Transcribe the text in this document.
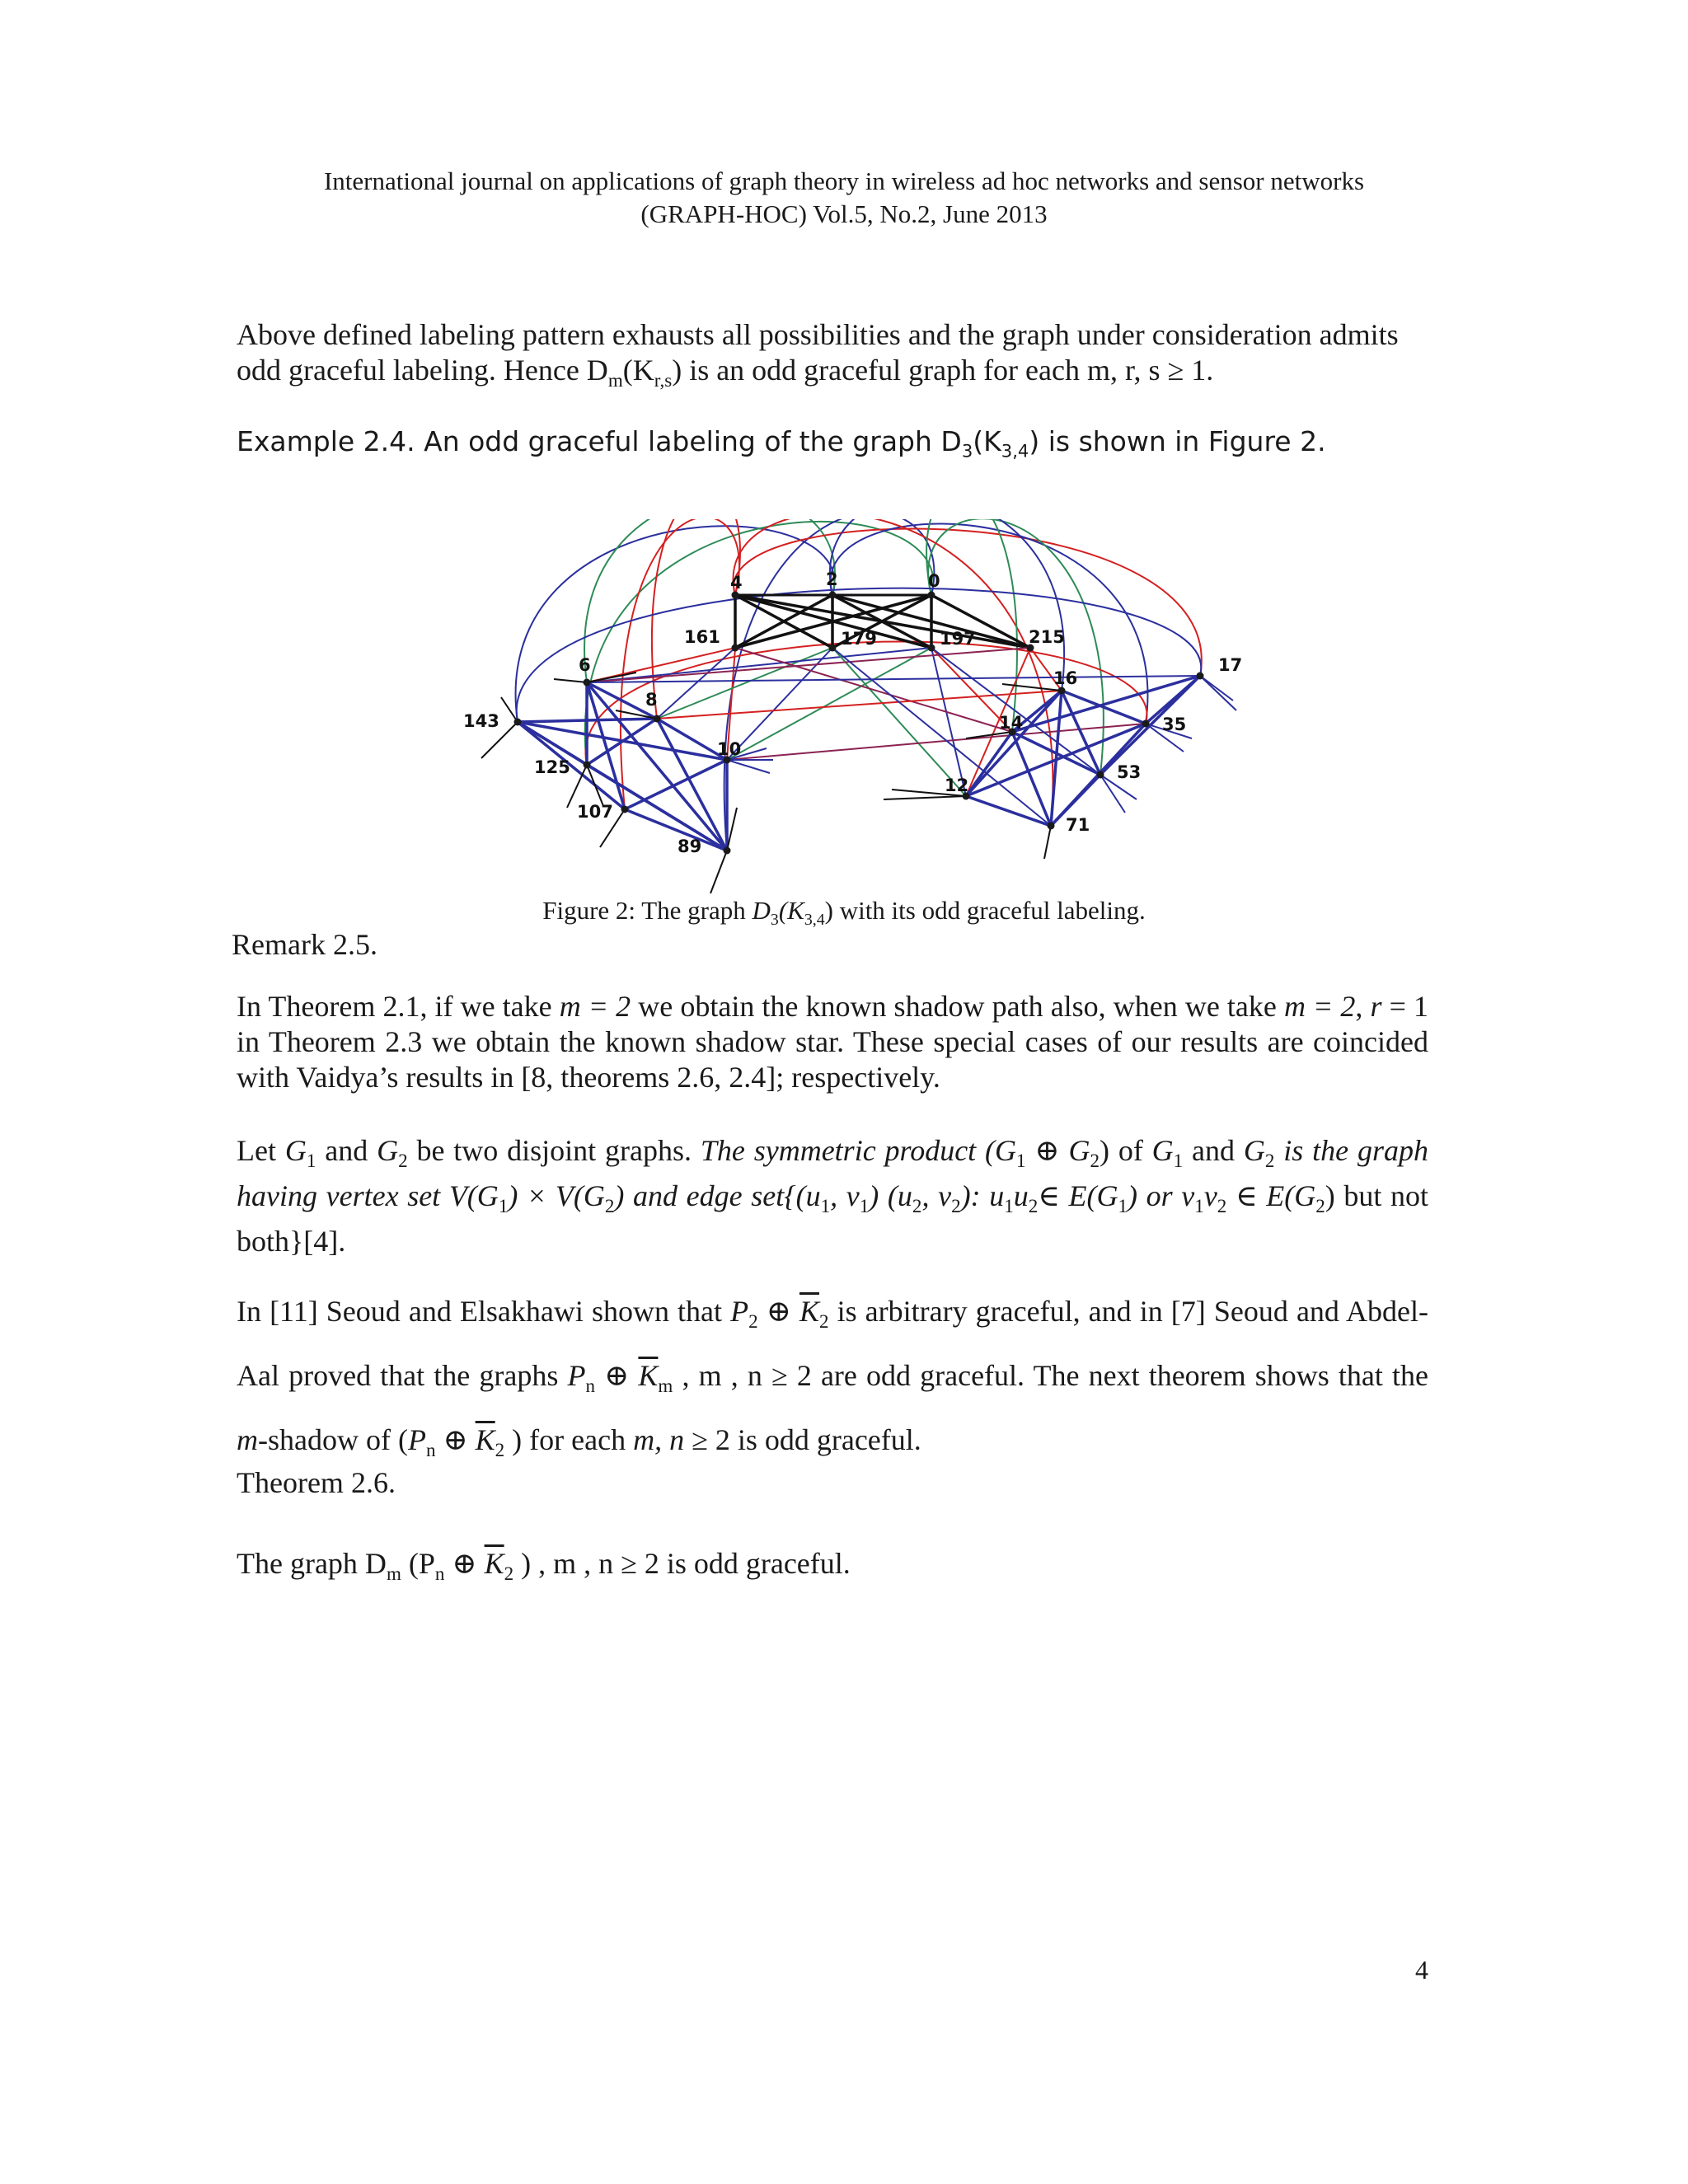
International journal on applications of graph theory in wireless ad hoc networks and sensor networks
(GRAPH-HOC) Vol.5, No.2, June 2013
Above defined labeling pattern exhausts all possibilities and the graph under consideration admits
odd graceful labeling. Hence $D_m(K_{r,s})$ is an odd graceful graph for each m, r, s ≥ 1.
Example 2.4. An odd graceful labeling of the graph $D_3(K_{3,4})$ is shown in Figure 2.
4	2	0
161	179	197	215
6
8
10
143
125
107
89
16
17
14	35
12
53
71
Figure 2: The graph $D_3(K_{3,4})$ with its odd graceful labeling.
Remark 2.5.
In Theorem 2.1, if we take m = 2 we obtain the known shadow path also, when we take m = 2, r = 1 in Theorem 2.3 we obtain the known shadow star. These special cases of our results are coincided with Vaidya’s results in [8, theorems 2.6, 2.4]; respectively.
Let $G_1$ and $G_2$ be two disjoint graphs. The symmetric product ($G_1$ ⊕ $G_2$) of $G_1$ and $G_2$ is the graph having vertex set $V(G_1) \times V(G_2)$ and edge $set\{(u_1$, $v_1$) ($u_2$, $v_2$): $u_1u_2\in$ $E(G_1)$ or $v_1v_2$ ∈ $E(G_2)$ but not both}[4].
In [11] Seoud and Elsakhawi shown that $P_2$ ⊕ $\overline{K}_2$ is arbitrary graceful, and in [7] Seoud and Abdel-Aal proved that the graphs $P_n$ ⊕ $\overline{K}_m$ , m , n ≥ 2 are odd graceful. The next theorem shows that the m-shadow of ($P_n$ ⊕ $\overline{K}_2$ ) for each m, n ≥ 2 is odd graceful.
Theorem 2.6.
The graph $D_m$ ($P_n$ ⊕ $\overline{K}_2$ ) , m , n ≥ 2 is odd graceful.
4
